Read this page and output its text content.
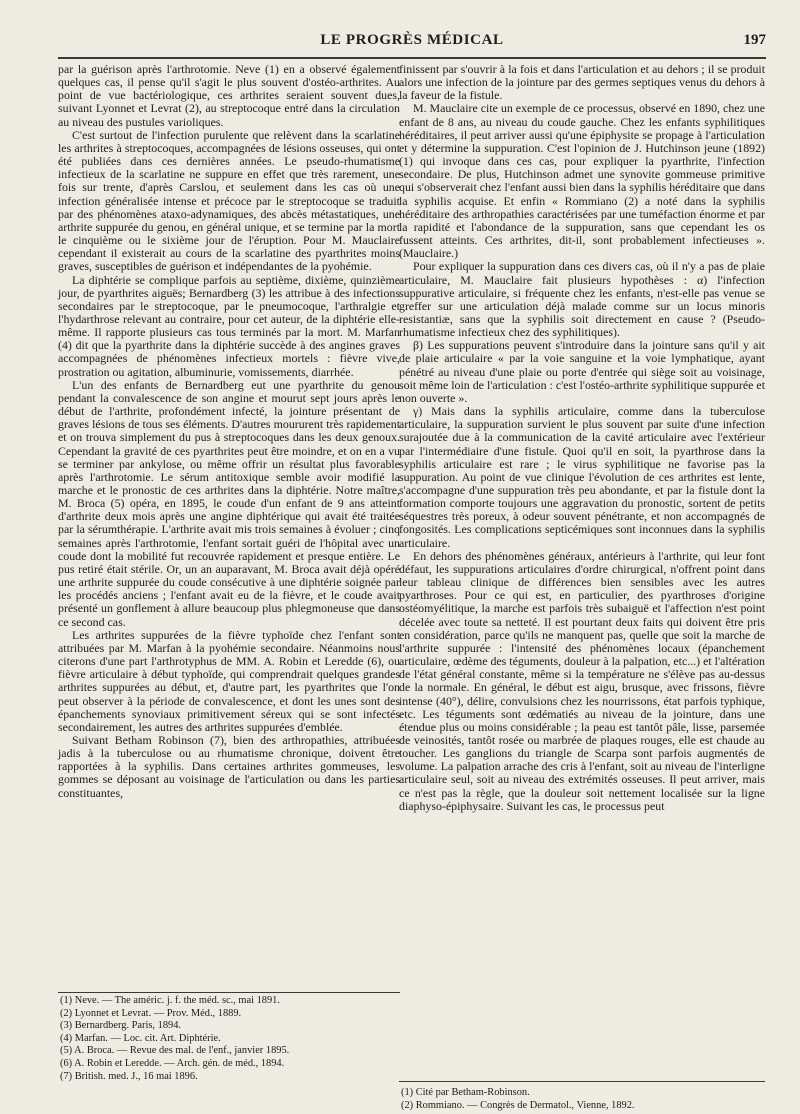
LE PROGRÈS MÉDICAL	197

par la guérison après l'arthrotomie. Neve (1) en a observé également quelques cas, il pense qu'il s'agit le plus souvent d'ostéo-arthrites. Au point de vue bactériologique, ces arthrites seraient souvent dues, suivant Lyonnet et Levrat (2), au streptocoque entré dans la circulation au niveau des pustules varioliques.

C'est surtout de l'infection purulente que relèvent dans la scarlatine les arthrites à streptocoques, accompagnées de lésions osseuses, qui ont été publiées dans ces dernières années. Le pseudo-rhumatisme infectieux de la scarlatine ne suppure en effet que très rarement, une fois sur trente, d'après Carslou, et seulement dans les cas où une infection généralisée intense et précoce par le streptocoque se traduit par des phénomènes ataxo-adynamiques, des abcès métastatiques, une arthrite suppurée du genou, en général unique, et se termine par la mort le cinquième ou le sixième jour de l'éruption. Pour M. Mauclaire cependant il existerait au cours de la scarlatine des pyarthrites moins graves, susceptibles de guérison et indépendantes de la pyohémie.

La diphtérie se complique parfois au septième, dixième, quinzième jour, de pyarthrites aiguës; Bernardberg (3) les attribue à des infections secondaires par le streptocoque, par le pneumocoque, l'arthralgie et l'hydarthrose relevant au contraire, pour cet auteur, de la diphtérie elle-même. Il rapporte plusieurs cas tous terminés par la mort. M. Marfan (4) dit que la pyarthrite dans la diphtérie succède à des angines graves accompagnées de phénomènes infectieux mortels : fièvre vive, prostration ou agitation, albuminurie, vomissements, diarrhée.

L'un des enfants de Bernardberg eut une pyarthrite du genou pendant la convalescence de son angine et mourut sept jours après le début de l'arthrite, profondément infecté, la jointure présentant de graves lésions de tous ses éléments. D'autres moururent très rapidement et on trouva simplement du pus à streptocoques dans les deux genoux. Cependant la gravité de ces pyarthrites peut être moindre, et on en a vu se terminer par ankylose, ou même offrir un résultat plus favorable après l'arthrotomie. Le sérum antitoxique semble avoir modifié la marche et le pronostic de ces arthrites dans la diphtérie. Notre maître, M. Broca (5) opéra, en 1895, le coude d'un enfant de 9 ans atteint d'arthrite deux mois après une angine diphtérique qui avait été traitée par la sérumthérapie. L'arthrite avait mis trois semaines à évoluer ; cinq semaines après l'arthrotomie, l'enfant sortait guéri de l'hôpital avec un coude dont la mobilité fut recouvrée rapidement et presque entière. Le pus retiré était stérile. Or, un an auparavant, M. Broca avait déjà opéré une arthrite suppurée du coude consécutive à une diphtérie soignée par les procédés anciens ; l'enfant avait eu de la fièvre, et le coude avait présenté un gonflement à allure beaucoup plus phlegmoneuse que dans ce second cas.

Les arthrites suppurées de la fièvre typhoïde chez l'enfant sont attribuées par M. Marfan à la pyohémie secondaire. Néanmoins nous citerons d'une part l'arthrotyphus de MM. A. Robin et Leredde (6), ou fièvre articulaire à début typhoïde, qui comprendrait quelques grandes arthrites suppurées au début, et, d'autre part, les pyarthrites que l'on peut observer à la période de convalescence, et dont les unes sont des épanchements synoviaux primitivement séreux qui se sont infectés secondairement, les autres des arthrites suppurées d'emblée.

Suivant Betham Robinson (7), bien des arthropathies, attribuées jadis à la tuberculose ou au rhumatisme chronique, doivent être rapportées à la syphilis. Dans certaines arthrites gommeuses, les gommes se déposant au voisinage de l'articulation ou dans les parties constituantes,

(1) Neve. — The améric. j. f. the méd. sc., mai 1891.
(2) Lyonnet et Levrat. — Prov. Méd., 1889.
(3) Bernardberg. Paris, 1894.
(4) Marfan. — Loc. cit. Art. Diphtérie.
(5) A. Broca. — Revue des mal. de l'enf., janvier 1895.
(6) A. Robin et Leredde. — Arch. gén. de méd., 1894.
(7) British. med. J., 16 mai 1896.

finissent par s'ouvrir à la fois et dans l'articulation et au dehors ; il se produit alors une infection de la jointure par des germes septiques venus du dehors à la faveur de la fistule.

M. Mauclaire cite un exemple de ce processus, observé en 1890, chez une enfant de 8 ans, au niveau du coude gauche. Chez les enfants syphilitiques héréditaires, il peut arriver aussi qu'une épiphysite se propage à l'articulation et y détermine la suppuration. C'est l'opinion de J. Hutchinson jeune (1892) (1) qui invoque dans ces cas, pour expliquer la pyarthrite, l'infection secondaire. De plus, Hutchinson admet une synovite gommeuse primitive qui s'observerait chez l'enfant aussi bien dans la syphilis héréditaire que dans la syphilis acquise. Et enfin « Rommiano (2) a noté dans la syphilis héréditaire des arthropathies caractérisées par une tuméfaction énorme et par la rapidité et l'abondance de la suppuration, sans que cependant les os fussent atteints. Ces arthrites, dit-il, sont probablement infectieuses ». (Mauclaire.)

Pour expliquer la suppuration dans ces divers cas, où il n'y a pas de plaie articulaire, M. Mauclaire fait plusieurs hypothèses : α) l'infection suppurative articulaire, si fréquente chez les enfants, n'est-elle pas venue se greffer sur une articulation déjà malade comme sur un locus minoris resistantiæ, sans que la syphilis soit directement en cause ? (Pseudo-rhumatisme infectieux chez des syphilitiques).

β) Les suppurations peuvent s'introduire dans la jointure sans qu'il y ait de plaie articulaire « par la voie sanguine et la voie lymphatique, ayant pénétré au niveau d'une plaie ou porte d'entrée qui siège soit au voisinage, soit même loin de l'articulation : c'est l'ostéo-arthrite syphilitique suppurée et non ouverte ».

γ) Mais dans la syphilis articulaire, comme dans la tuberculose articulaire, la suppuration survient le plus souvent par suite d'une infection surajoutée due à la communication de la cavité articulaire avec l'extérieur par l'intermédiaire d'une fistule. Quoi qu'il en soit, la pyarthrose dans la syphilis articulaire est rare ; le virus syphilitique ne favorise pas la suppuration. Au point de vue clinique l'évolution de ces arthrites est lente, s'accompagne d'une suppuration très peu abondante, et par la fistule dont la formation comporte toujours une aggravation du pronostic, sortent de petits séquestres très poreux, à odeur souvent pénétrante, et non accompagnés de fongosités. Les complications septicémiques sont inconnues dans la syphilis articulaire.

En dehors des phénomènes généraux, antérieurs à l'arthrite, qui leur font défaut, les suppurations articulaires d'ordre chirurgical, n'offrent point dans leur tableau clinique de différences bien sensibles avec les autres pyarthroses. Pour ce qui est, en particulier, des pyarthroses d'origine ostéomyélitique, la marche est parfois très subaiguë et l'affection n'est point décelée avec toute sa netteté. Il est pourtant deux faits qui doivent être pris en considération, parce qu'ils ne manquent pas, quelle que soit la marche de l'arthrite suppurée : l'intensité des phénomènes locaux (épanchement articulaire, œdème des téguments, douleur à la palpation, etc...) et l'altération de l'état général constante, même si la température ne s'élève pas au-dessus de la normale. En général, le début est aigu, brusque, avec frissons, fièvre intense (40°), délire, convulsions chez les nourrissons, état parfois typhique, etc. Les téguments sont œdématiés au niveau de la jointure, dans une étendue plus ou moins considérable ; la peau est tantôt pâle, lisse, parsemée de veinosités, tantôt rosée ou marbrée de plaques rouges, elle est chaude au toucher. Les ganglions du triangle de Scarpa sont parfois augmentés de volume. La palpation arrache des cris à l'enfant, soit au niveau de l'interligne articulaire seul, soit au niveau des extrémités osseuses. Il peut arriver, mais ce n'est pas la règle, que la douleur soit nettement localisée sur la ligne diaphyso-épiphysaire. Suivant les cas, le processus peut

(1) Cité par Betham-Robinson.
(2) Rommiano. — Congrès de Dermatol., Vienne, 1892.
